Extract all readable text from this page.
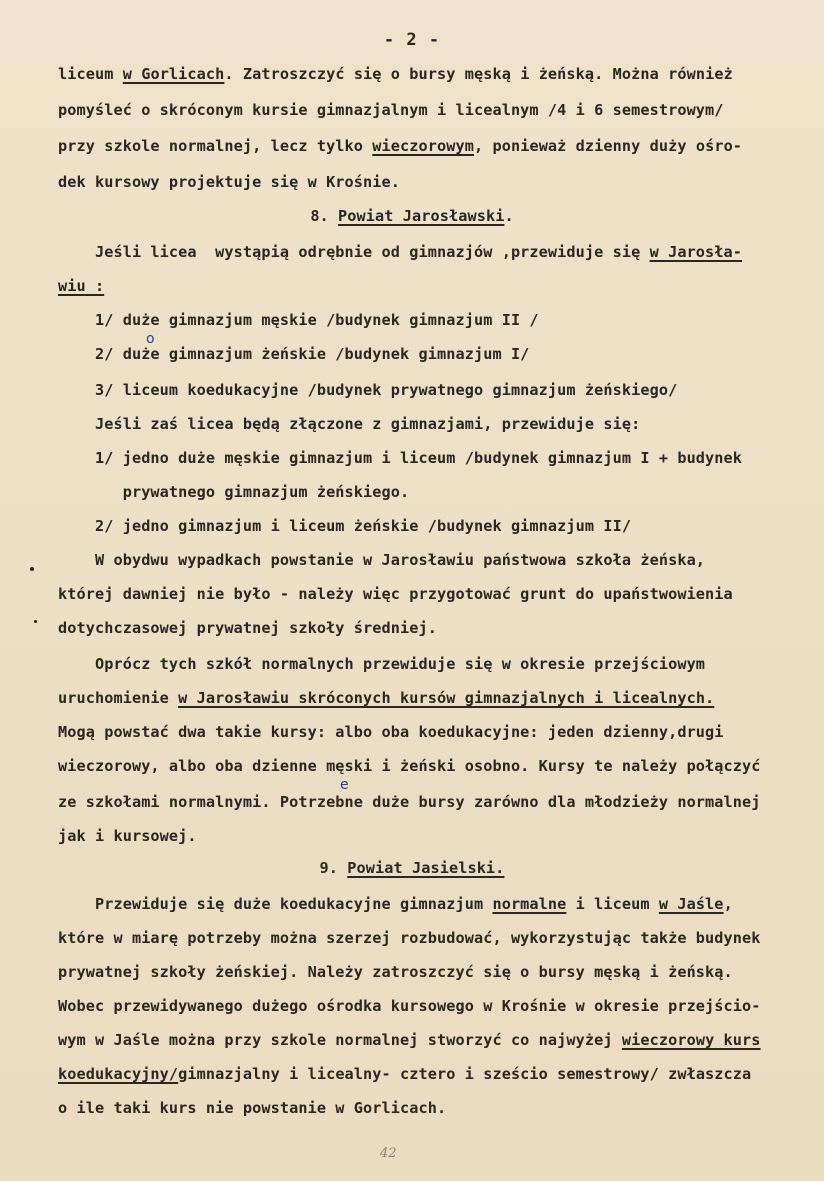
- 2 -
liceum w Gorlicach. Zatroszczyć się o bursy męską i żeńską. Można również
pomyśleć o skróconym kursie gimnazjalnym i licealnym /4 i 6 semestrowym/
przy szkole normalnej, lecz tylko wieczorowym, ponieważ dzienny duży ośro-
dek kursowy projektuje się w Krośnie.
8. Powiat Jarosławski.
Jeśli licea  wystąpią odrębnie od gimnazjów ,przewiduje się w Jarosła-
wiu :
1/ duże gimnazjum męskie /budynek gimnazjum II /
2/ duże gimnazjum żeńskie /budynek gimnazjum I/
3/ liceum koedukacyjne /budynek prywatnego gimnazjum żeńskiego/
Jeśli zaś licea będą złączone z gimnazjami, przewiduje się:
1/ jedno duże męskie gimnazjum i liceum /budynek gimnazjum I + budynek
prywatnego gimnazjum żeńskiego.
2/ jedno gimnazjum i liceum żeńskie /budynek gimnazjum II/
W obydwu wypadkach powstanie w Jarosławiu państwowa szkoła żeńska,
której dawniej nie było - należy więc przygotować grunt do upaństwowienia
dotychczasowej prywatnej szkoły średniej.
Oprócz tych szkół normalnych przewiduje się w okresie przejściowym
uruchomienie w Jarosławiu skróconych kursów gimnazjalnych i licealnych.
Mogą powstać dwa takie kursy: albo oba koedukacyjne: jeden dzienny,drugi
wieczorowy, albo oba dzienne męski i żeński osobno. Kursy te należy połączyć
ze szkołami normalnymi. Potrzebne duże bursy zarówno dla młodzieży normalnej
jak i kursowej.
9. Powiat Jasielski.
Przewiduje się duże koedukacyjne gimnazjum normalne i liceum w Jaśle,
które w miarę potrzeby można szerzej rozbudować, wykorzystując także budynek
prywatnej szkoły żeńskiej. Należy zatroszczyć się o bursy męską i żeńską.
Wobec przewidywanego dużego ośrodka kursowego w Krośnie w okresie przejścio-
wym w Jaśle można przy szkole normalnej stworzyć co najwyżej wieczorowy kurs
koedukacyjny/gimnazjalny i licealny- cztero i sześcio semestrowy/ zwłaszcza
o ile taki kurs nie powstanie w Gorlicach.
o
e
42
